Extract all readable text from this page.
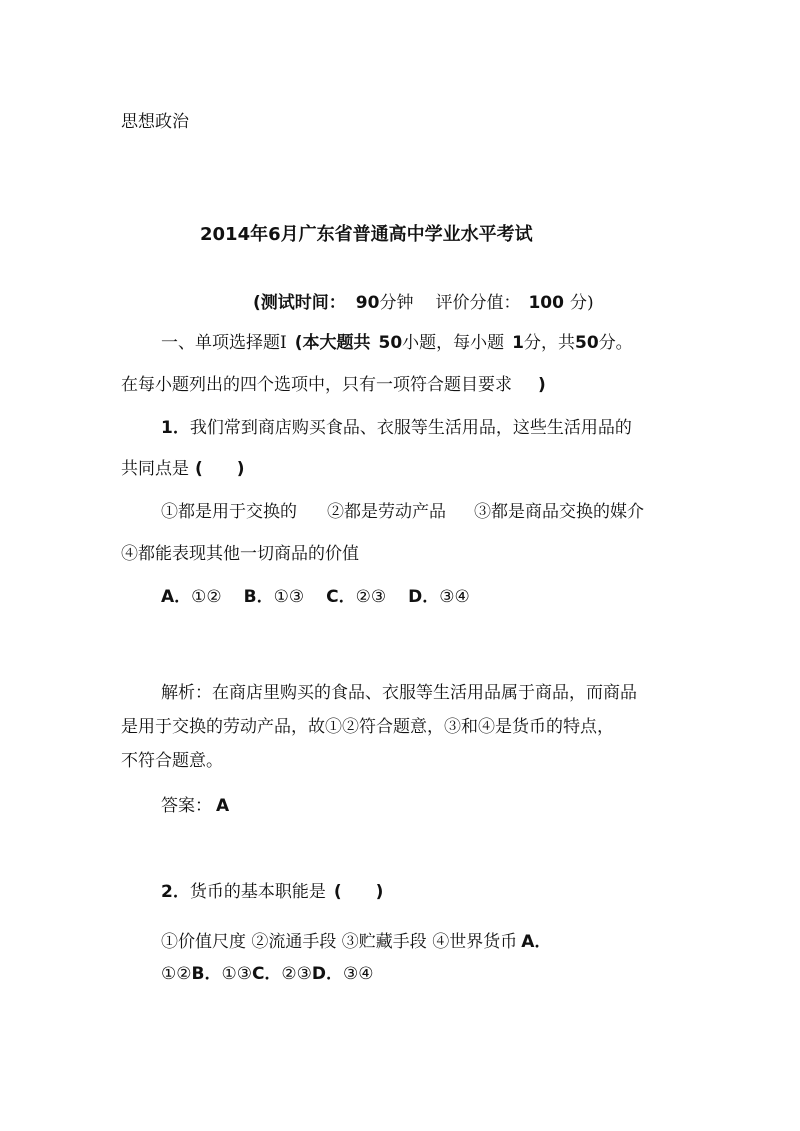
思想政治
2014年6月广东省普通高中学业水平考试
(测试时间： 90分钟 评价分值： 100 分)
一、单项选择题Ⅰ (本大题共 50小题，每小题 1分，共50分。
在每小题列出的四个选项中，只有一项符合题目要求 )
1．我们常到商店购买食品、衣服等生活用品，这些生活用品的
共同点是 (　　)
①都是用于交换的 ②都是劳动产品 ③都是商品交换的媒介
④都能表现其他一切商品的价值
A．①② B．①③ C．②③ D．③④
解析：在商店里购买的食品、衣服等生活用品属于商品，而商品
是用于交换的劳动产品，故①②符合题意，③和④是货币的特点，
不符合题意。
答案： A
2．货币的基本职能是 (　　)
①价值尺度 ②流通手段 ③贮藏手段 ④世界货币 A．
①②B．①③C．②③D．③④
